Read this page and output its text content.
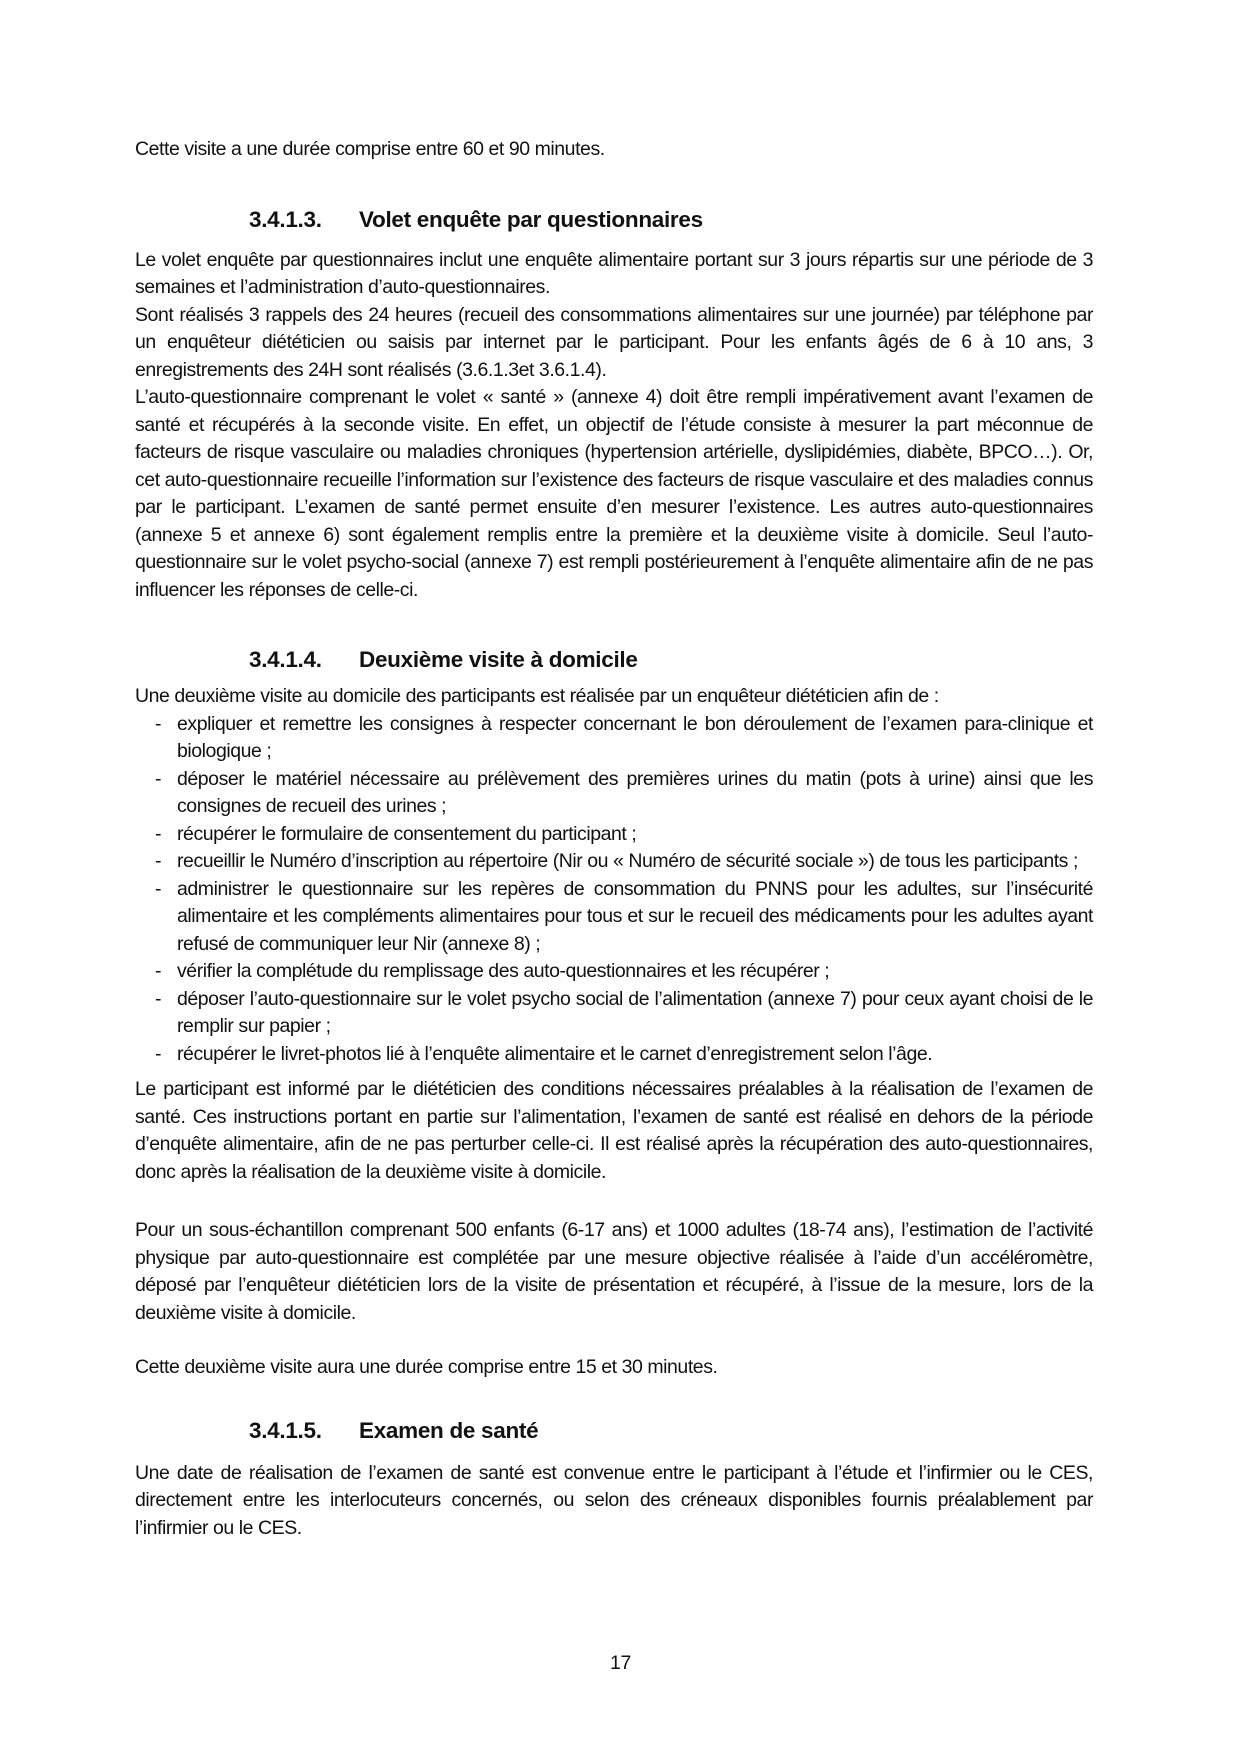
Cette visite a une durée comprise entre 60 et 90 minutes.

3.4.1.3. Volet enquête par questionnaires

Le volet enquête par questionnaires inclut une enquête alimentaire portant sur 3 jours répartis sur une période de 3 semaines et l’administration d’auto-questionnaires.

Sont réalisés 3 rappels des 24 heures (recueil des consommations alimentaires sur une journée) par téléphone par un enquêteur diététicien ou saisis par internet par le participant. Pour les enfants âgés de 6 à 10 ans, 3 enregistrements des 24H sont réalisés (3.6.1.3et 3.6.1.4).

L’auto-questionnaire comprenant le volet « santé » (annexe 4) doit être rempli impérativement avant l’examen de santé et récupérés à la seconde visite. En effet, un objectif de l’étude consiste à mesurer la part méconnue de facteurs de risque vasculaire ou maladies chroniques (hypertension artérielle, dyslipidémies, diabète, BPCO…). Or, cet auto-questionnaire recueille l’information sur l’existence des facteurs de risque vasculaire et des maladies connus par le participant. L’examen de santé permet ensuite d’en mesurer l’existence. Les autres auto-questionnaires (annexe 5 et annexe 6) sont également remplis entre la première et la deuxième visite à domicile. Seul l’auto-questionnaire sur le volet psycho-social (annexe 7) est rempli postérieurement à l’enquête alimentaire afin de ne pas influencer les réponses de celle-ci.

3.4.1.4. Deuxième visite à domicile

Une deuxième visite au domicile des participants est réalisée par un enquêteur diététicien afin de :

- expliquer et remettre les consignes à respecter concernant le bon déroulement de l’examen para-clinique et biologique ;
- déposer le matériel nécessaire au prélèvement des premières urines du matin (pots à urine) ainsi que les consignes de recueil des urines ;
- récupérer le formulaire de consentement du participant ;
- recueillir le Numéro d’inscription au répertoire (Nir ou « Numéro de sécurité sociale ») de tous les participants ;
- administrer le questionnaire sur les repères de consommation du PNNS pour les adultes, sur l’insécurité alimentaire et les compléments alimentaires pour tous et sur le recueil des médicaments pour les adultes ayant refusé de communiquer leur Nir (annexe 8) ;
- vérifier la complétude du remplissage des auto-questionnaires et les récupérer ;
- déposer l’auto-questionnaire sur le volet psycho social de l’alimentation (annexe 7) pour ceux ayant choisi de le remplir sur papier ;
- récupérer le livret-photos lié à l’enquête alimentaire et le carnet d’enregistrement selon l’âge.

Le participant est informé par le diététicien des conditions nécessaires préalables à la réalisation de l’examen de santé. Ces instructions portant en partie sur l’alimentation, l’examen de santé est réalisé en dehors de la période d’enquête alimentaire, afin de ne pas perturber celle-ci. Il est réalisé après la récupération des auto-questionnaires, donc après la réalisation de la deuxième visite à domicile.

Pour un sous-échantillon comprenant 500 enfants (6-17 ans) et 1000 adultes (18-74 ans), l’estimation de l’activité physique par auto-questionnaire est complétée par une mesure objective réalisée à l’aide d’un accéléromètre, déposé par l’enquêteur diététicien lors de la visite de présentation et récupéré, à l’issue de la mesure, lors de la deuxième visite à domicile.

Cette deuxième visite aura une durée comprise entre 15 et 30 minutes.

3.4.1.5. Examen de santé

Une date de réalisation de l’examen de santé est convenue entre le participant à l’étude et l’infirmier ou le CES, directement entre les interlocuteurs concernés, ou selon des créneaux disponibles fournis préalablement par l’infirmier ou le CES.

17
